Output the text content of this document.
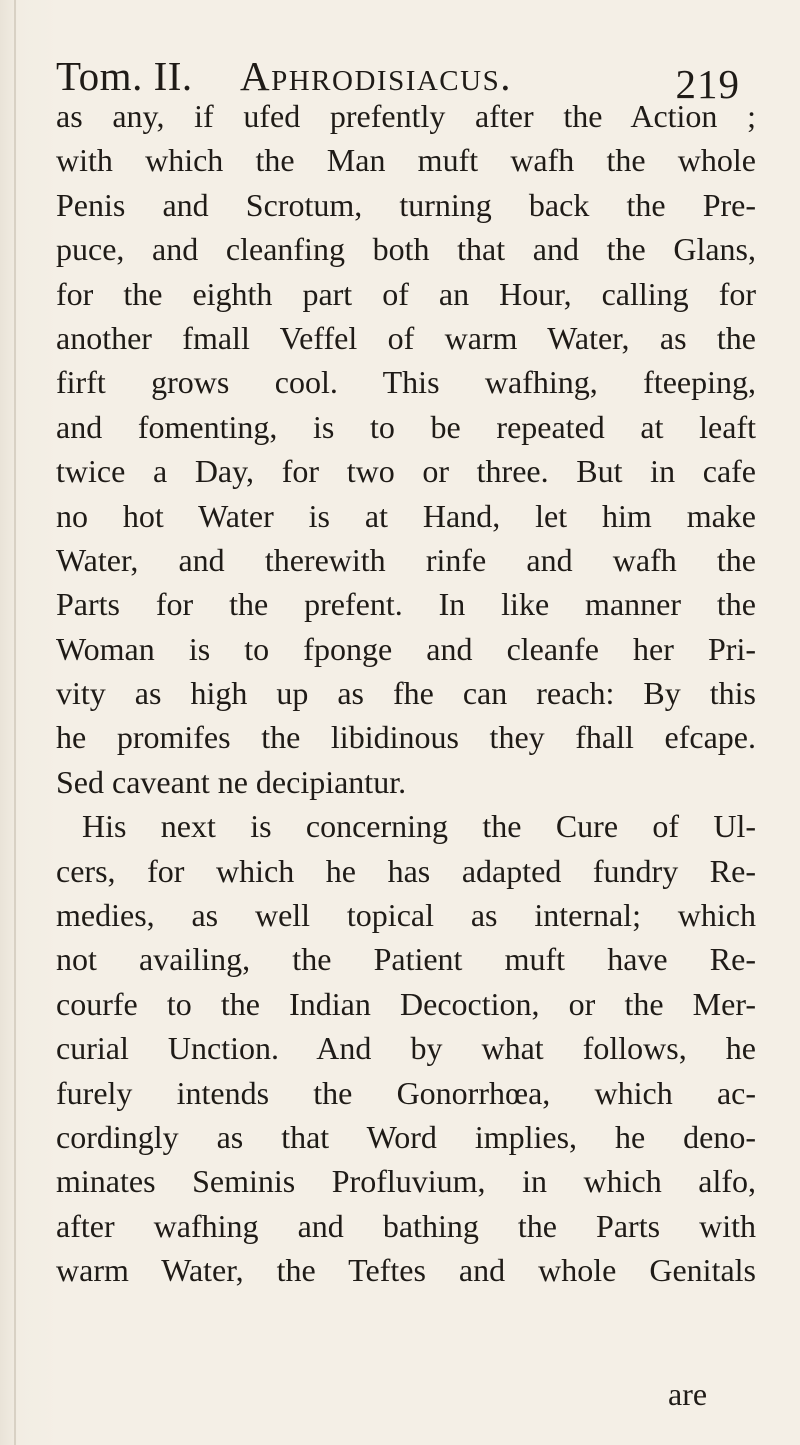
Tom. II. Aphrodisiacus.	219
as any, if ufed prefently after the Action ;
with which the Man muft wafh the whole
Penis and Scrotum, turning back the Pre-
puce, and cleanfing both that and the Glans,
for the eighth part of an Hour, calling for
another fmall Veffel of warm Water, as the
firft grows cool. This wafhing, fteeping,
and fomenting, is to be repeated at leaft
twice a Day, for two or three. But in cafe
no hot Water is at Hand, let him make
Water, and therewith rinfe and wafh the
Parts for the prefent. In like manner the
Woman is to fponge and cleanfe her Pri-
vity as high up as fhe can reach: By this
he promifes the libidinous they fhall efcape.
Sed caveant ne decipiantur.
His next is concerning the Cure of Ul-
cers, for which he has adapted fundry Re-
medies, as well topical as internal; which
not availing, the Patient muft have Re-
courfe to the Indian Decoction, or the Mer-
curial Unction. And by what follows, he
furely intends the Gonorrhœa, which ac-
cordingly as that Word implies, he deno-
minates Seminis Profluvium, in which alfo,
after wafhing and bathing the Parts with
warm Water, the Teftes and whole Genitals
are
